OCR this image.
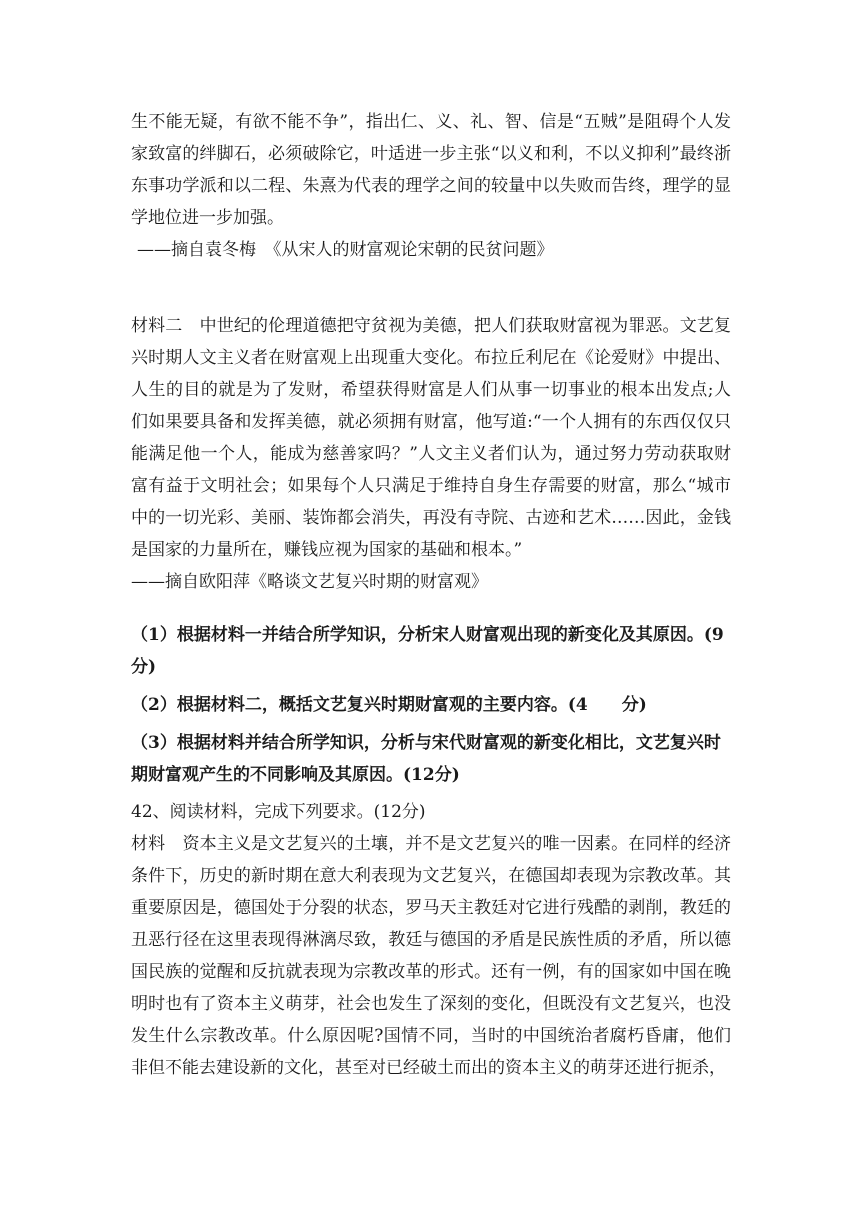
生不能无疑，有欲不能不争”，指出仁、义、礼、智、信是“五贼”是阻碍个人发家致富的绊脚石，必须破除它，叶适进一步主张“以义和利，不以义抑利”最终浙东事功学派和以二程、朱熹为代表的理学之间的较量中以失败而告终，理学的显学地位进一步加强。

——摘自袁冬梅　《从宋人的财富观论宋朝的民贫问题》

材料二　中世纪的伦理道德把守贫视为美德，把人们获取财富视为罪恶。文艺复兴时期人文主义者在财富观上出现重大变化。布拉丘利尼在《论爱财》中提出、人生的目的就是为了发财，希望获得财富是人们从事一切事业的根本出发点;人们如果要具备和发挥美德，就必须拥有财富，他写道:“一个人拥有的东西仅仅只能满足他一个人，能成为慈善家吗？”人文主义者们认为，通过努力劳动获取财富有益于文明社会；如果每个人只满足于维持自身生存需要的财富，那么“城市中的一切光彩、美丽、装饰都会消失，再没有寺院、古迹和艺术……因此，金钱是国家的力量所在，赚钱应视为国家的基础和根本。”

——摘自欧阳萍《略谈文艺复兴时期的财富观》

（1）根据材料一并结合所学知识，分析宋人财富观出现的新变化及其原因。(9分)

（2）根据材料二，概括文艺复兴时期财富观的主要内容。(4　　分)

（3）根据材料并结合所学知识，分析与宋代财富观的新变化相比，文艺复兴时期财富观产生的不同影响及其原因。(12分)

42、阅读材料，完成下列要求。(12分)

材料　资本主义是文艺复兴的土壤，并不是文艺复兴的唯一因素。在同样的经济条件下，历史的新时期在意大利表现为文艺复兴，在德国却表现为宗教改革。其重要原因是，德国处于分裂的状态，罗马天主教廷对它进行残酷的剥削，教廷的丑恶行径在这里表现得淋漓尽致，教廷与德国的矛盾是民族性质的矛盾，所以德国民族的觉醒和反抗就表现为宗教改革的形式。还有一例，有的国家如中国在晚明时也有了资本主义萌芽，社会也发生了深刻的变化，但既没有文艺复兴，也没发生什么宗教改革。什么原因呢?国情不同，当时的中国统治者腐朽昏庸，他们非但不能去建设新的文化，甚至对已经破土而出的资本主义的萌芽还进行扼杀，
